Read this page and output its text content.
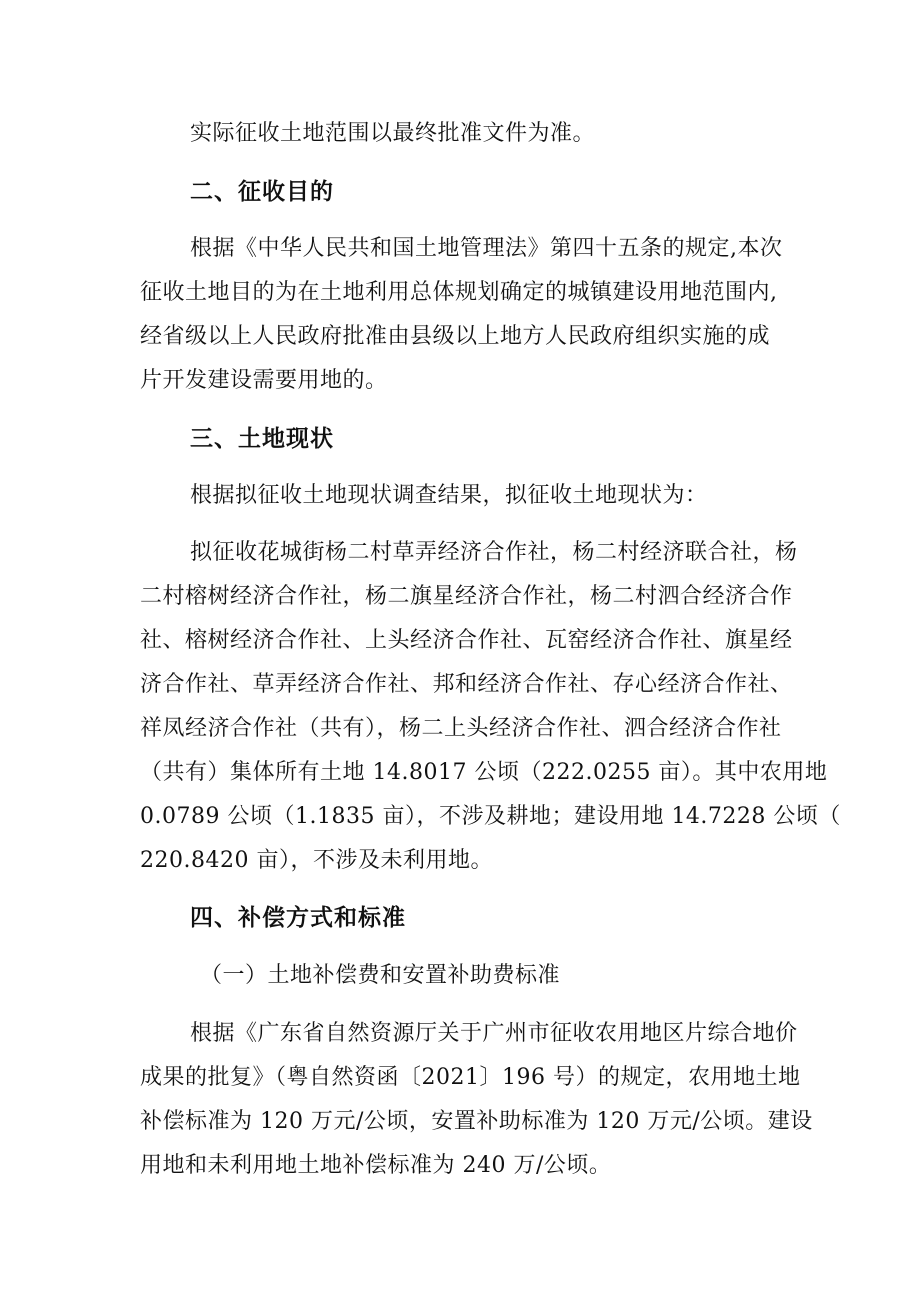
实际征收土地范围以最终批准文件为准。
二、征收目的
根据《中华人民共和国土地管理法》第四十五条的规定,本次
征收土地目的为在土地利用总体规划确定的城镇建设用地范围内,
经省级以上人民政府批准由县级以上地方人民政府组织实施的成
片开发建设需要用地的。
三、土地现状
根据拟征收土地现状调查结果，拟征收土地现状为：
拟征收花城街杨二村草弄经济合作社，杨二村经济联合社，杨
二村榕树经济合作社，杨二旗星经济合作社，杨二村泗合经济合作
社、榕树经济合作社、上头经济合作社、瓦窑经济合作社、旗星经
济合作社、草弄经济合作社、邦和经济合作社、存心经济合作社、
祥凤经济合作社（共有），杨二上头经济合作社、泗合经济合作社
（共有）集体所有土地 14.8017 公顷（222.0255 亩）。其中农用地
0.0789 公顷（1.1835 亩），不涉及耕地；建设用地 14.7228 公顷（
220.8420 亩），不涉及未利用地。
四、补偿方式和标准
（一）土地补偿费和安置补助费标准
根据《广东省自然资源厅关于广州市征收农用地区片综合地价
成果的批复》（粤自然资函〔2021〕196 号）的规定，农用地土地
补偿标准为 120 万元/公顷，安置补助标准为 120 万元/公顷。建设
用地和未利用地土地补偿标准为 240 万/公顷。
